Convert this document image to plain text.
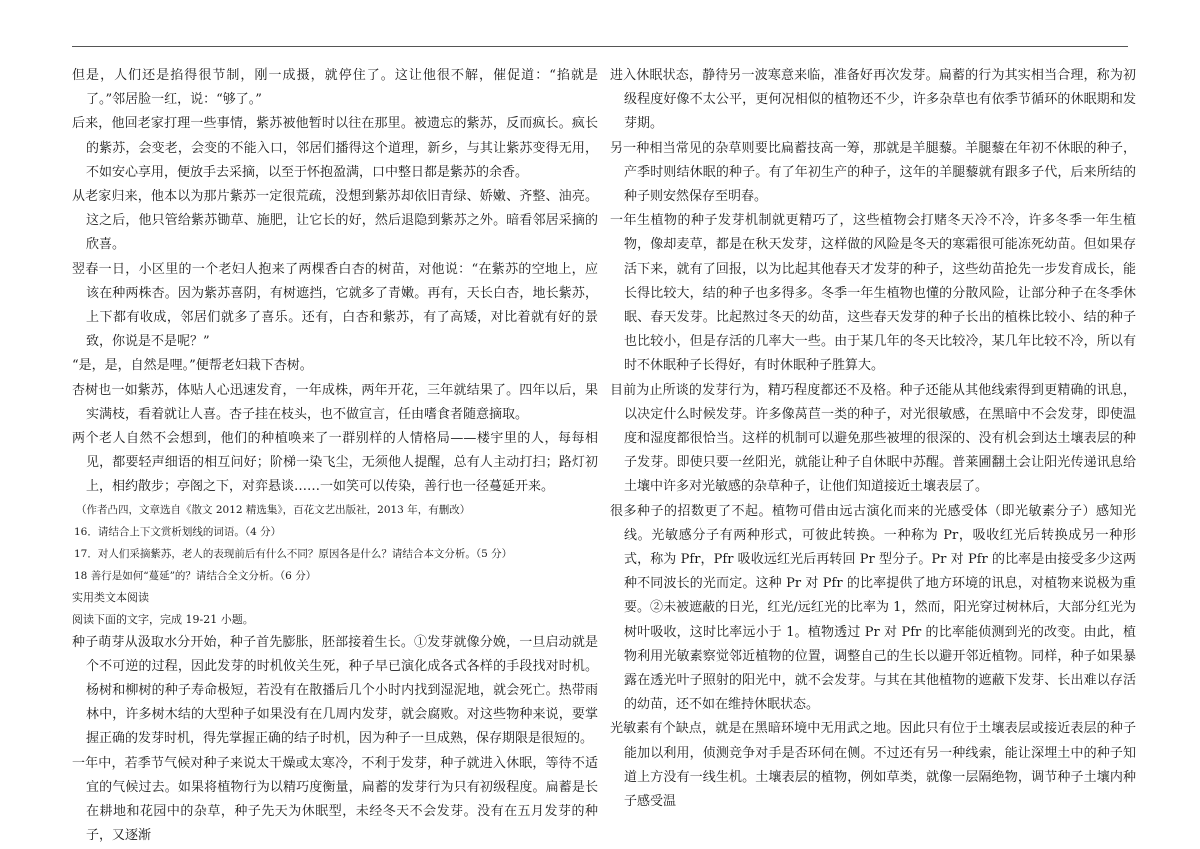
但是，人们还是掐得很节制，刚一成摄，就停住了。这让他很不解，催促道：“掐就是了。”邻居脸一红，说：“够了。”

后来，他回老家打理一些事情，紫苏被他暂时以往在那里。被遗忘的紫苏，反而疯长。疯长的紫苏，会变老，会变的不能入口，邻居们播得这个道理，新乡，与其让紫苏变得无用，不如安心享用，便放手去采摘，以至于怀抱盈满，口中整日都是紫苏的余香。

从老家归来，他本以为那片紫苏一定很荒疏，没想到紫苏却依旧青绿、娇嫩、齐整、油亮。这之后，他只管给紫苏锄草、施肥，让它长的好，然后退隐到紫苏之外。暗看邻居采摘的欣喜。

翌春一日，小区里的一个老妇人抱来了两棵香白杏的树苗，对他说：“在紫苏的空地上，应该在种两株杏。因为紫苏喜阴，有树遮挡，它就多了青嫩。再有，天长白杏，地长紫苏，上下都有收成，邻居们就多了喜乐。还有，白杏和紫苏，有了高矮，对比着就有好的景致，你说是不是呢？”

“是，是，自然是哩。”便帮老妇栽下杏树。

杏树也一如紫苏，体贴人心迅速发育，一年成株，两年开花，三年就结果了。四年以后，果实满枝，看着就让人喜。杏子挂在枝头，也不做宣言，任由嗜食者随意摘取。

两个老人自然不会想到，他们的种植唤来了一群别样的人情格局——楼宇里的人，每每相见，都要轻声细语的相互问好；阶梯一染飞尘，无须他人提醒，总有人主动打扫；路灯初上，相约散步；亭阁之下，对弈悬谈……一如笑可以传染，善行也一径蔓延开来。

（作者凸四，文章选自《散文 2012 精选集》，百花文艺出版社，2013 年，有删改）

16．请结合上下文赏析划线的词语。（4 分）

17．对人们采摘紫苏，老人的表现前后有什么不同？原因各是什么？请结合本文分析。（5 分）

18 善行是如何“蔓延”的？请结合全文分析。（6 分）

实用类文本阅读

阅读下面的文字，完成 19-21 小题。

种子萌芽从汲取水分开始，种子首先膨胀，胚部接着生长。①发芽就像分娩，一旦启动就是个不可逆的过程，因此发芽的时机攸关生死，种子早已演化成各式各样的手段找对时机。杨树和柳树的种子寿命极短，若没有在散播后几个小时内找到湿泥地，就会死亡。热带雨林中，许多树木结的大型种子如果没有在几周内发芽，就会腐败。对这些物种来说，要掌握正确的发芽时机，得先掌握正确的结子时机，因为种子一旦成熟，保存期限是很短的。

一年中，若季节气候对种子来说太干燥或太寒冷，不利于发芽，种子就进入休眠，等待不适宜的气候过去。如果将植物行为以精巧度衡量，扁蓄的发芽行为只有初级程度。扁蓄是长在耕地和花园中的杂草，种子先天为休眠型，未经冬天不会发芽。没有在五月发芽的种子，又逐渐

进入休眠状态，静待另一波寒意来临，准备好再次发芽。扁蓄的行为其实相当合理，称为初级程度好像不太公平，更何况相似的植物还不少，许多杂草也有依季节循环的休眠期和发芽期。

另一种相当常见的杂草则要比扁蓄技高一筹，那就是羊腿藜。羊腿藜在年初不休眠的种子，产季时则结休眠的种子。有了年初生产的种子，这年的羊腿藜就有跟多子代，后来所结的种子则安然保存至明春。

一年生植物的种子发芽机制就更精巧了，这些植物会打赌冬天冷不冷，许多冬季一年生植物，像却麦草，都是在秋天发芽，这样做的风险是冬天的寒霜很可能冻死幼苗。但如果存活下来，就有了回报，以为比起其他春天才发芽的种子，这些幼苗抢先一步发育成长，能长得比较大，结的种子也多得多。冬季一年生植物也懂的分散风险，让部分种子在冬季休眠、春天发芽。比起熬过冬天的幼苗，这些春天发芽的种子长出的植株比较小、结的种子也比较小，但是存活的几率大一些。由于某几年的冬天比较冷，某几年比较不冷，所以有时不休眠种子长得好，有时休眠种子胜算大。

目前为止所谈的发芽行为，精巧程度都还不及格。种子还能从其他线索得到更精确的讯息，以决定什么时候发芽。许多像莴苣一类的种子，对光很敏感，在黑暗中不会发芽，即使温度和湿度都很恰当。这样的机制可以避免那些被埋的很深的、没有机会到达土壤表层的种子发芽。即使只要一丝阳光，就能让种子自休眠中苏醒。普莱圃翻土会让阳光传递讯息给土壤中许多对光敏感的杂草种子，让他们知道接近土壤表层了。

很多种子的招数更了不起。植物可借由远古演化而来的光感受体（即光敏素分子）感知光线。光敏感分子有两种形式，可彼此转换。一种称为 Pr，吸收红光后转换成另一种形式，称为 Pfr，Pfr 吸收远红光后再转回 Pr 型分子。Pr 对 Pfr 的比率是由接受多少这两种不同波长的光而定。这种 Pr 对 Pfr 的比率提供了地方环境的讯息，对植物来说极为重要。②未被遮蔽的日光，红光/远红光的比率为 1，然而，阳光穿过树林后，大部分红光为树叶吸收，这时比率远小于 1。植物透过 Pr 对 Pfr 的比率能侦测到光的改变。由此，植物利用光敏素察觉邻近植物的位置，调整自己的生长以避开邻近植物。同样，种子如果暴露在透光叶子照射的阳光中，就不会发芽。与其在其他植物的遮蔽下发芽、长出难以存活的幼苗，还不如在维持休眠状态。

光敏素有个缺点，就是在黑暗环境中无用武之地。因此只有位于土壤表层或接近表层的种子能加以利用，侦测竞争对手是否环伺在侧。不过还有另一种线索，能让深埋土中的种子知道上方没有一线生机。土壤表层的植物，例如草类，就像一层隔绝物，调节种子土壤内种子感受温
